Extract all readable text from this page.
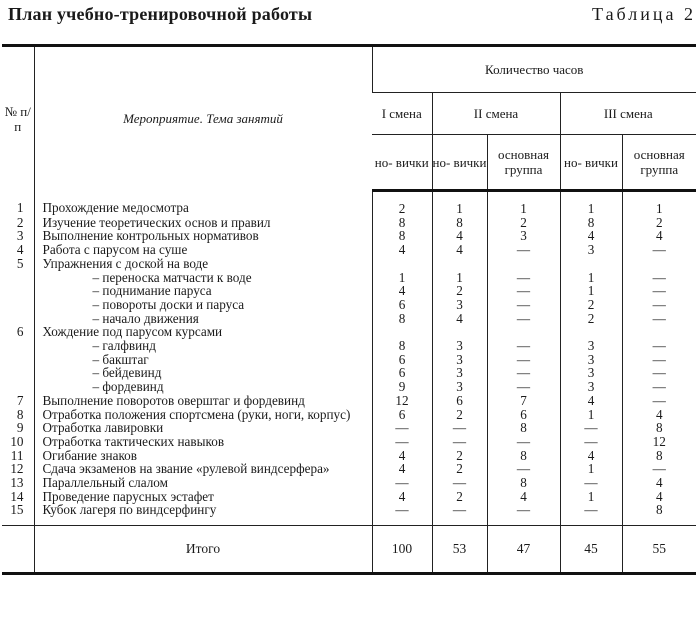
План учебно-тренировочной работы	Таблица 2
№ п/п	Мероприятие. Тема занятий	Количество часов				
		I смена	II смена		III смена	
		но- вички	но- вички	основная группа	но- вички	основная группа
1	Прохождение медосмотра	2	1	1	1	1
2	Изучение теоретических основ и правил	8	8	2	8	2
3	Выполнение контрольных нормативов	8	4	3	4	4
4	Работа с парусом на суше	4	4	—	3	—
5	Упражнения с доской на воде					
	– переноска матчасти к воде	1	1	—	1	—
	– поднимание паруса	4	2	—	1	—
	– повороты доски и паруса	6	3	—	2	—
	– начало движения	8	4	—	2	—
6	Хождение под парусом курсами					
	– галфвинд	8	3	—	3	—
	– бакштаг	6	3	—	3	—
	– бейдевинд	6	3	—	3	—
	– фордевинд	9	3	—	3	—
7	Выполнение поворотов оверштаг и фордевинд	12	6	7	4	—
8	Отработка положения спортсмена (руки, ноги, корпус)	6	2	6	1	4
9	Отработка лавировки	—	—	8	—	8
10	Отработка тактических навыков	—	—	—	—	12
11	Огибание знаков	4	2	8	4	8
12	Сдача экзаменов на звание «рулевой виндсерфера»	4	2	—	1	—
13	Параллельный слалом	—	—	8	—	4
14	Проведение парусных эстафет	4	2	4	1	4
15	Кубок лагеря по виндсерфингу	—	—	—	—	8
	Итого	100	53	47	45	55
